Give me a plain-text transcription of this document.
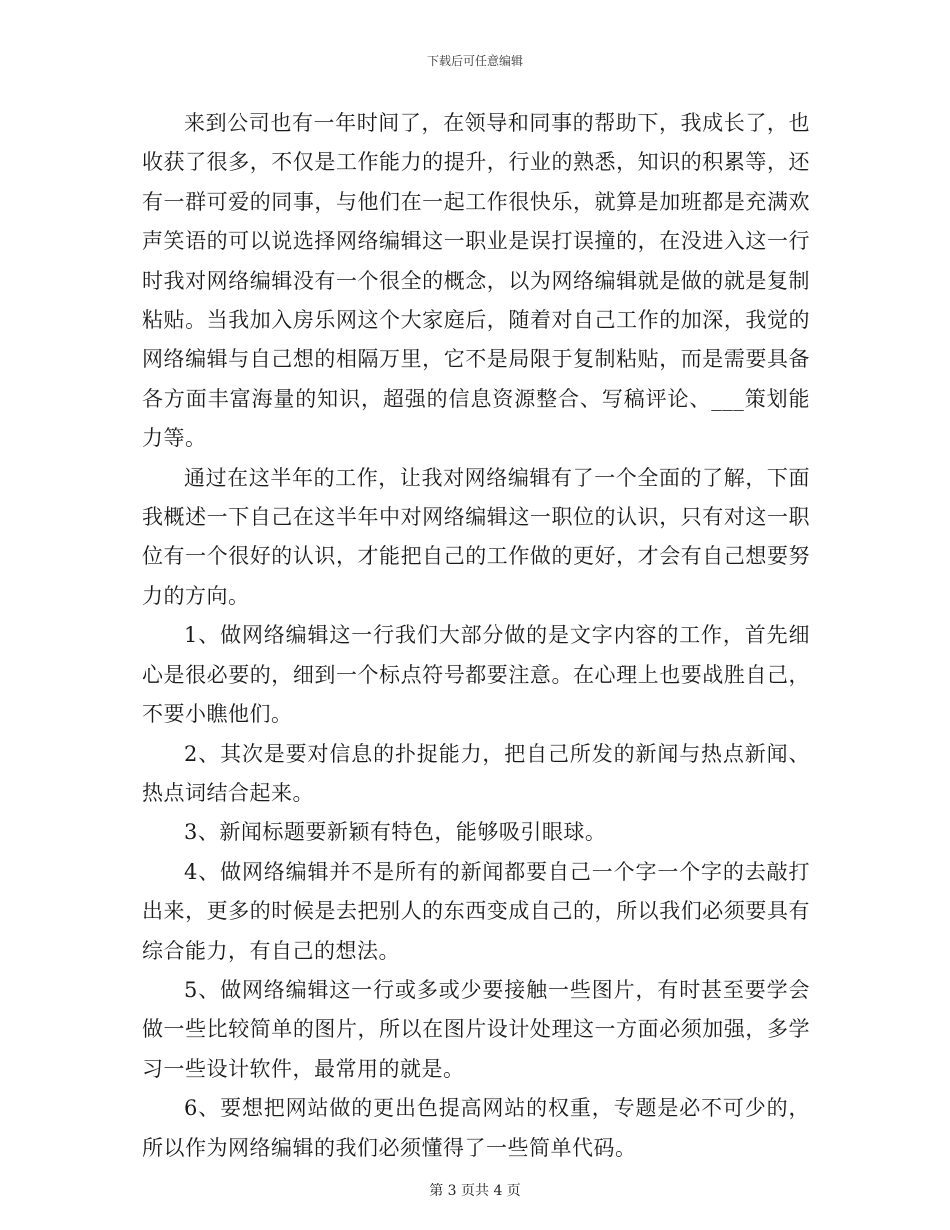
下载后可任意编辑

来到公司也有一年时间了，在领导和同事的帮助下，我成长了，也收获了很多，不仅是工作能力的提升，行业的熟悉，知识的积累等，还有一群可爱的同事，与他们在一起工作很快乐，就算是加班都是充满欢声笑语的可以说选择网络编辑这一职业是误打误撞的，在没进入这一行时我对网络编辑没有一个很全的概念，以为网络编辑就是做的就是复制粘贴。当我加入房乐网这个大家庭后，随着对自己工作的加深，我觉的网络编辑与自己想的相隔万里，它不是局限于复制粘贴，而是需要具备各方面丰富海量的知识，超强的信息资源整合、写稿评论、___策划能力等。

通过在这半年的工作，让我对网络编辑有了一个全面的了解，下面我概述一下自己在这半年中对网络编辑这一职位的认识，只有对这一职位有一个很好的认识，才能把自己的工作做的更好，才会有自己想要努力的方向。

1、做网络编辑这一行我们大部分做的是文字内容的工作，首先细心是很必要的，细到一个标点符号都要注意。在心理上也要战胜自己，不要小瞧他们。

2、其次是要对信息的扑捉能力，把自己所发的新闻与热点新闻、热点词结合起来。

3、新闻标题要新颖有特色，能够吸引眼球。

4、做网络编辑并不是所有的新闻都要自己一个字一个字的去敲打出来，更多的时候是去把别人的东西变成自己的，所以我们必须要具有综合能力，有自己的想法。

5、做网络编辑这一行或多或少要接触一些图片，有时甚至要学会做一些比较简单的图片，所以在图片设计处理这一方面必须加强，多学习一些设计软件，最常用的就是。

6、要想把网站做的更出色提高网站的权重，专题是必不可少的，所以作为网络编辑的我们必须懂得了一些简单代码。

第 3 页共 4 页
